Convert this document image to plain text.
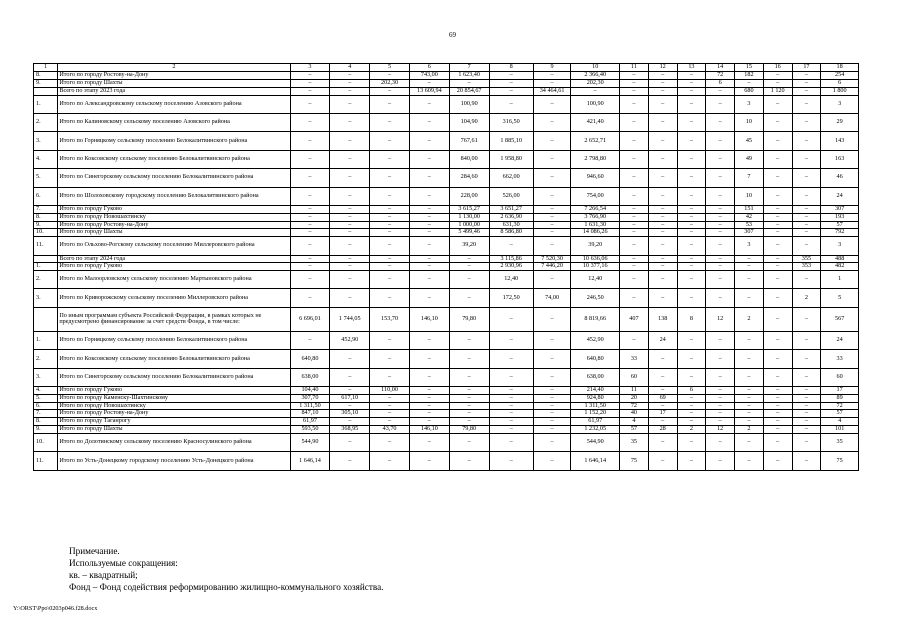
69
1	2	3	4	5	6	7	8	9	10	11	12	13	14	15	16	17	18
8.	Итого по городу Ростову-на-Дону	–	–	–	743,00	1 623,40	–	–	2 366,40	–	–	–	72	182	–	–	254
9.	Итого по городу Шахты	–	–	202,30	–	–	–	–	202,30	–	–	–	6	–	–	–	6
	Всего по этапу 2023 года	–	–	–	13 609,94	20 854,67	–	34 464,61	–	–	–	–	–	680	1 120	–	1 800
1.	Итого по Александровскому сельскому поселению Азовского района	–	–	–	–	100,90	–	–	100,90	–	–	–	–	3	–	–	3
2.	Итого по Калиновскому сельскому поселению Азовского района	–	–	–	–	104,90	316,50	–	421,40	–	–	–	–	10	–	–	29
3.	Итого по Горняцкому сельскому поселению Белокалитвинского района	–	–	–	–	767,61	1 885,10	–	2 652,71	–	–	–	–	45	–	–	143
4.	Итого по Коксовскому сельскому поселению Белокалитвинского района	–	–	–	–	840,00	1 958,80	–	2 798,80	–	–	–	–	49	–	–	163
5.	Итого по Синегорскому сельскому поселению Белокалитвинского района	–	–	–	–	284,60	662,00	–	946,60	–	–	–	–	7	–	–	46
6.	Итого по Шолоховскому городскому поселению Белокалитвинского района	–	–	–	–	228,00	526,00	–	754,00	–	–	–	–	10	–	–	24
7.	Итого по городу Гуково	–	–	–	–	3 615,27	3 651,27	–	7 266,54	–	–	–	–	151	–	–	307
8.	Итого по городу Новошахтинску	–	–	–	–	1 130,00	2 636,90	–	3 766,90	–	–	–	–	42	–	–	193
9.	Итого по городу Ростову-на-Дону	–	–	–	–	1 000,00	631,30	–	1 631,30	–	–	–	–	53	–	–	57
10.	Итого по городу Шахты	–	–	–	–	5 499,46	8 586,80	–	14 086,26	–	–	–	–	307	–	–	792
11.	Итого по Ольхово-Рогскому сельскому поселению Миллеровского района	–	–	–	–	39,20	–	–	39,20	–	–	–	–	3	–	–	3
	Всего по этапу 2024 года	–	–	–	–	–	3 115,86	7 520,30	10 636,06	–	–	–	–	–	–	355	488
1.	Итого по городу Гуково	–	–	–	–	–	2 930,96	7 446,20	10 377,16	–	–	–	–	–	–	353	482
2.	Итого по Малоорловскому сельскому поселению Мартыновского района	–	–	–	–	–	12,40	–	12,40	–	–	–	–	–	–	–	1
3.	Итого по Криворожскому сельскому поселению Миллеровского района	–	–	–	–	–	172,50	74,00	246,50	–	–	–	–	–	–	2	5
	По иным программам субъекта Российской Федерации, в рамках которых не предусмотрено финансирование за счет средств Фонда, в том числе:	6 696,01	1 744,05	153,70	146,10	79,80	–	–	8 819,66	407	138	8	12	2	–	–	567
1.	Итого по Горняцкому сельскому поселению Белокалитвинского района	–	452,90	–	–	–	–	–	452,90	–	24	–	–	–	–	–	24
2.	Итого по Коксовскому сельскому поселению Белокалитвинского района	640,80	–	–	–	–	–	–	640,80	33	–	–	–	–	–	–	33
3.	Итого по Синегорскому сельскому поселению Белокалитвинского района	638,00	–	–	–	–	–	–	638,00	60	–	–	–	–	–	–	60
4.	Итого по городу Гуково	104,40	–	110,00	–	–	–	–	214,40	11	–	6	–	–	–	–	17
5.	Итого по городу Каменску-Шахтинскому	307,70	617,10	–	–	–	–	–	924,80	20	69	–	–	–	–	–	89
6.	Итого по городу Новошахтинску	1 311,50	–	–	–	–	–	–	1 311,50	72	–	–	–	–	–	–	72
7.	Итого по городу Ростову-на-Дону	847,10	305,10	–	–	–	–	–	1 152,20	40	17	–	–	–	–	–	57
8.	Итого по городу Таганрогу	61,97	–	–	–	–	–	–	61,97	4	–	–	–	–	–	–	4
9.	Итого по городу Шахты	593,50	368,95	43,70	146,10	79,80	–	–	1 232,05	57	28	2	12	2	–	–	101
10.	Итого по Долотинскому сельскому поселению Красносулинского района	544,90	–	–	–	–	–	–	544,90	35	–	–	–	–	–	–	35
11.	Итого по Усть-Донецкому городскому поселению Усть-Донецкого района	1 646,14	–	–	–	–	–	–	1 646,14	75	–	–	–	–	–	–	75
Примечание.
Используемые сокращения:
кв. – квадратный;
Фонд – Фонд содействия реформированию жилищно-коммунального хозяйства.
Y:\ORST\Ppo\0203p046.f28.docx
